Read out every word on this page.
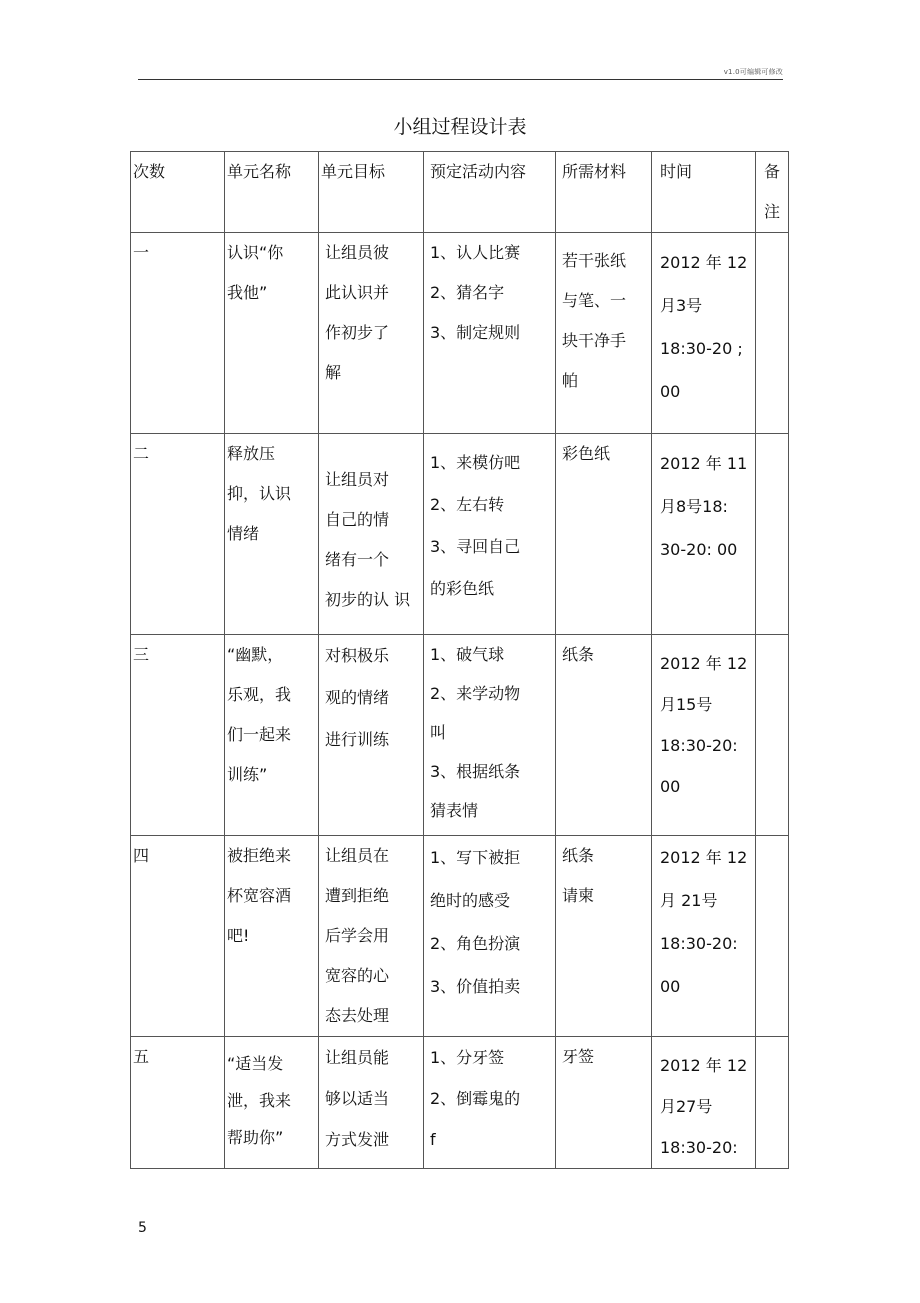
v1.0可编辑可修改
小组过程设计表
次数	单元名称	单元目标	预定活动内容	所需材料	时间	备
注

一	认识“你
我他”	让组员彼
此认识并
作初步了
解	1、认人比赛
2、猜名字
3、制定规则	若干张纸
与笔、一
块干净手
帕	2012 年 12
月3号
18:30-20 ;
00	

二	释放压
抑，认识
情绪	让组员对
自己的情
绪有一个
初步的认 识	1、来模仿吧
2、左右转
3、寻回自己
的彩色纸	彩色纸	2012 年 11
月8号18:
30-20: 00	

三	“幽默，
乐观，我
们一起来
训练”	对积极乐
观的情绪
进行训练	1、破气球
2、来学动物
叫
3、根据纸条
猜表情	纸条	2012 年 12
月15号
18:30-20:
00	

四	被拒绝来
杯宽容酒
吧!	让组员在
遭到拒绝
后学会用
宽容的心
态去处理	1、写下被拒
绝时的感受
2、角色扮演
3、价值拍卖	纸条
请柬	2012 年 12
月 21号
18:30-20:
00	

五	“适当发
泄，我来
帮助你”	让组员能
够以适当
方式发泄	1、分牙签
2、倒霉鬼的
f	牙签	2012 年 12
月27号
18:30-20:	

5
